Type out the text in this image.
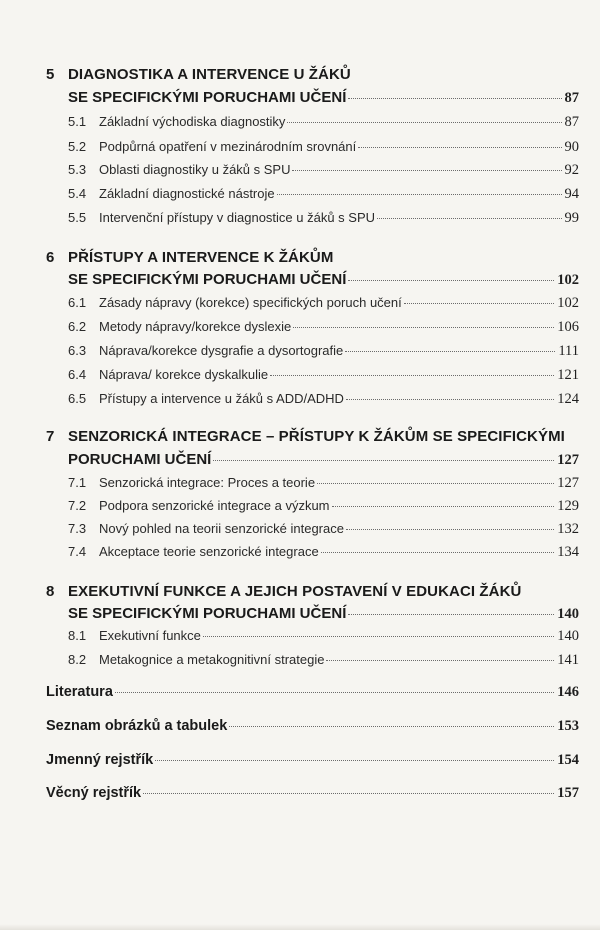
5 DIAGNOSTIKA A INTERVENCE U ŽÁKŮ
SE SPECIFICKÝMI PORUCHAMI UČENÍ	87
5.1 Základní východiska diagnostiky	87
5.2 Podpůrná opatření v mezinárodním srovnání	90
5.3 Oblasti diagnostiky u žáků s SPU	92
5.4 Základní diagnostické nástroje	94
5.5 Intervenční přístupy v diagnostice u žáků s SPU	99
6 PŘÍSTUPY A INTERVENCE K ŽÁKŮM
SE SPECIFICKÝMI PORUCHAMI UČENÍ	102
6.1 Zásady nápravy (korekce) specifických poruch učení	102
6.2 Metody nápravy/korekce dyslexie	106
6.3 Náprava/korekce dysgrafie a dysortografie	111
6.4 Náprava/ korekce dyskalkulie	121
6.5 Přístupy a intervence u žáků s ADD/ADHD	124
7 SENZORICKÁ INTEGRACE – PŘÍSTUPY K ŽÁKŮM SE SPECIFICKÝMI
PORUCHAMI UČENÍ	127
7.1 Senzorická integrace: Proces a teorie	127
7.2 Podpora senzorické integrace a výzkum	129
7.3 Nový pohled na teorii senzorické integrace	132
7.4 Akceptace teorie senzorické integrace	134
8 EXEKUTIVNÍ FUNKCE A JEJICH POSTAVENÍ V EDUKACI ŽÁKŮ
SE SPECIFICKÝMI PORUCHAMI UČENÍ	140
8.1 Exekutivní funkce	140
8.2 Metakognice a metakognitivní strategie	141
Literatura	146
Seznam obrázků a tabulek	153
Jmenný rejstřík	154
Věcný rejstřík	157
